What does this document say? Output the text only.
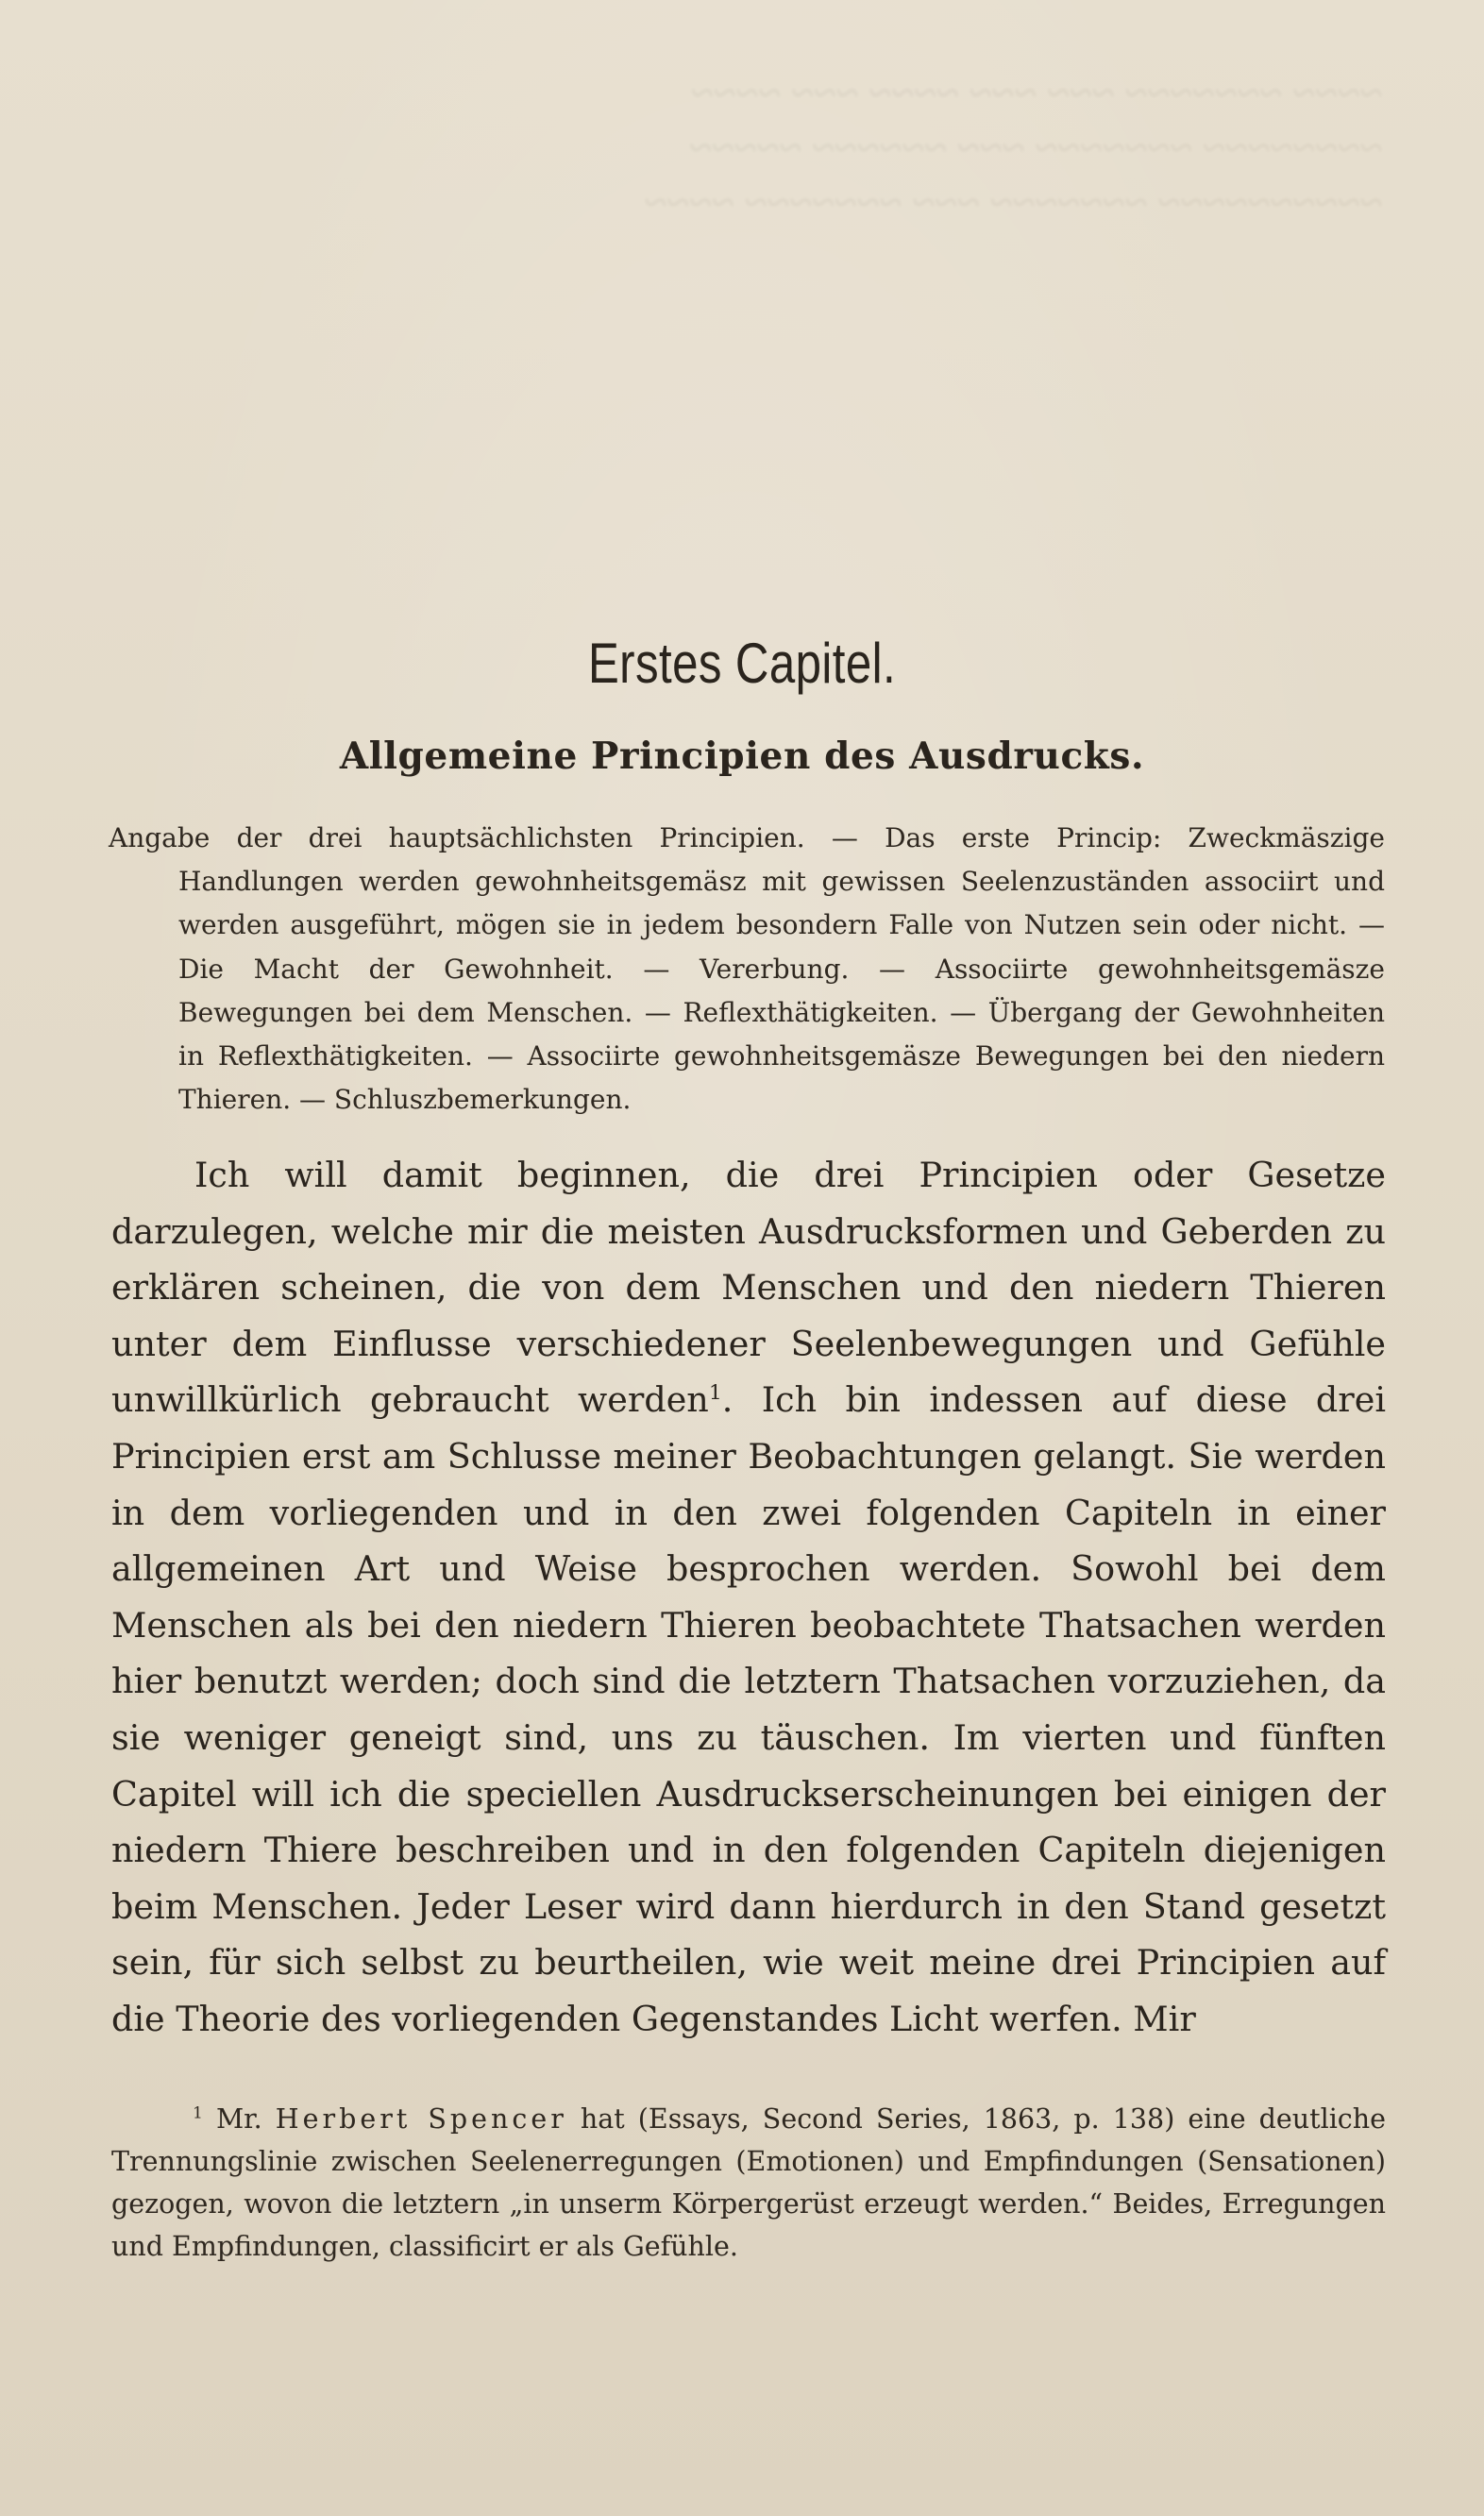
~~~~ ~~~~~~~ ~~~ ~~~ ~~~~ ~~~ ~~~~
~~~~~~~~ ~~~~~~~ ~~~ ~~~~~~ ~~~~~
~~~~~~~~~~ ~~~~~~~ ~~~ ~~~~~~~ ~~~~
Erstes Capitel.
Allgemeine Principien des Ausdrucks.

Angabe der drei hauptsächlichsten Principien. — Das erste Princip: Zweckmäszige Handlungen werden gewohnheitsgemäsz mit gewissen Seelenzuständen associirt und werden ausgeführt, mögen sie in jedem besondern Falle von Nutzen sein oder nicht. — Die Macht der Gewohnheit. — Vererbung. — Associirte gewohnheitsgemäsze Bewegungen bei dem Menschen. — Reflexthätigkeiten. — Übergang der Gewohnheiten in Reflexthätigkeiten. — Associirte gewohnheitsgemäsze Bewegungen bei den niedern Thieren. — Schluszbemerkungen.

Ich will damit beginnen, die drei Principien oder Gesetze darzulegen, welche mir die meisten Ausdrucksformen und Geberden zu erklären scheinen, die von dem Menschen und den niedern Thieren unter dem Einflusse verschiedener Seelenbewegungen und Gefühle unwillkürlich gebraucht werden$^1$. Ich bin indessen auf diese drei Principien erst am Schlusse meiner Beobachtungen gelangt. Sie werden in dem vorliegenden und in den zwei folgenden Capiteln in einer allgemeinen Art und Weise besprochen werden. Sowohl bei dem Menschen als bei den niedern Thieren beobachtete Thatsachen werden hier benutzt werden; doch sind die letztern Thatsachen vorzuziehen, da sie weniger geneigt sind, uns zu täuschen. Im vierten und fünften Capitel will ich die speciellen Ausdruckserscheinungen bei einigen der niedern Thiere beschreiben und in den folgenden Capiteln diejenigen beim Menschen. Jeder Leser wird dann hierdurch in den Stand gesetzt sein, für sich selbst zu beurtheilen, wie weit meine drei Principien auf die Theorie des vorliegenden Gegenstandes Licht werfen. Mir

$^1$ Mr. Herbert Spencer hat (Essays, Second Series, 1863, p. 138) eine deutliche Trennungslinie zwischen Seelenerregungen (Emotionen) und Empfindungen (Sensationen) gezogen, wovon die letztern „in unserm Körpergerüst erzeugt werden.“ Beides, Erregungen und Empfindungen, classificirt er als Gefühle.
